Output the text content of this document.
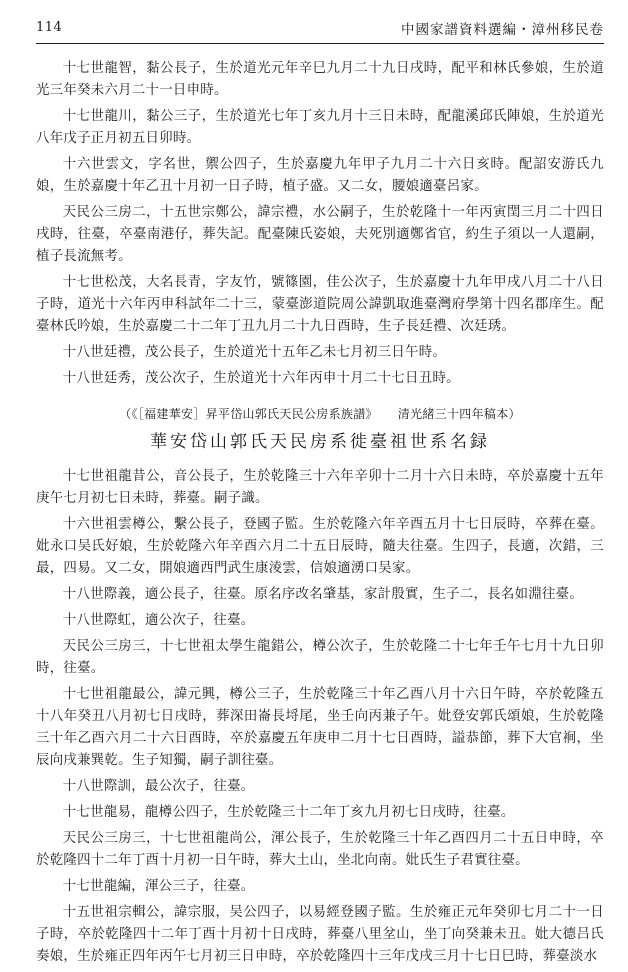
114	中國家譜資料選編・漳州移民卷

十七世龍智，黏公長子，生於道光元年辛巳九月二十九日戌時，配平和林氏參娘，生於道光三年癸未六月二十一日申時。

十七世龍川，黏公三子，生於道光七年丁亥九月十三日未時，配龍溪邱氏陣娘，生於道光八年戊子正月初五日卯時。

十六世雲文，字名世，禦公四子，生於嘉慶九年甲子九月二十六日亥時。配詔安游氏九娘，生於嘉慶十年乙丑十月初一日子時，植子盛。又二女，腰娘適臺呂家。

天民公三房二，十五世宗鄭公，諱宗禮，水公嗣子，生於乾隆十一年丙寅閏三月二十四日戌時，往臺，卒臺南港仔，葬失記。配臺陳氏姿娘，夫死別適鄭省官，約生子須以一人還嗣，植子長流無考。

十七世松茂，大名長青，字友竹，號篠園，佳公次子，生於嘉慶十九年甲戌八月二十八日子時，道光十六年丙申科試年二十三，蒙臺澎道院周公諱凱取進臺灣府學第十四名郡庠生。配臺林氏吟娘，生於嘉慶二十二年丁丑九月二十九日酉時，生子長廷禮、次廷琇。

十八世廷禮，茂公長子，生於道光十五年乙未七月初三日午時。

十八世廷秀，茂公次子，生於道光十六年丙申十月二十七日丑時。

（《［福建華安］昇平岱山郭氏天民公房系族譜》 清光緒三十四年稿本）
華安岱山郭氏天民房系徙臺祖世系名録

十七世祖龍昔公，音公長子，生於乾隆三十六年辛卯十二月十六日未時，卒於嘉慶十五年庚午七月初七日未時，葬臺。嗣子識。

十六世祖雲樽公，繫公長子，登國子監。生於乾隆六年辛酉五月十七日辰時，卒葬在臺。妣永口吴氏好娘，生於乾隆六年辛酉六月二十五日辰時，隨夫往臺。生四子，長適，次錯，三最，四易。又二女，開娘適西門武生康淩雲，信娘適湧口吴家。

十八世際義，適公長子，往臺。原名序改名肇基，家計殷實，生子二，長名如淵往臺。

十八世際虹，適公次子，往臺。

天民公三房三，十七世祖太學生龍錯公，樽公次子，生於乾隆二十七年壬午七月十九日卯時，往臺。

十七世祖龍最公，諱元興，樽公三子，生於乾隆三十年乙酉八月十六日午時，卒於乾隆五十八年癸丑八月初七日戌時，葬深田崙長埒尾，坐壬向丙兼子午。妣登安郭氏頌娘，生於乾隆三十年乙酉六月二十六日酉時，卒於嘉慶五年庚申二月十七日酉時，謚恭節，葬下大官裥，坐辰向戌兼巽乾。生子知獨，嗣子訓往臺。

十八世際訓，最公次子，往臺。

十七世龍易，龍樽公四子，生於乾隆三十二年丁亥九月初七日戌時，往臺。

天民公三房三，十七世祖龍尚公，渾公長子，生於乾隆三十年乙酉四月二十五日申時，卒於乾隆四十二年丁酉十月初一日午時，葬大土山，坐北向南。妣氏生子君實往臺。

十七世龍編，渾公三子，往臺。

十五世祖宗輯公，諱宗服，吴公四子，以易經登國子監。生於雍正元年癸卯七月二十一日子時，卒於乾隆四十二年丁酉十月初十日戌時，葬臺八里坌山，坐丁向癸兼未丑。妣大德吕氏奏娘，生於雍正四年丙午七月初三日申時，卒於乾隆四十三年戊戌三月十七日巳時，葬臺淡水
